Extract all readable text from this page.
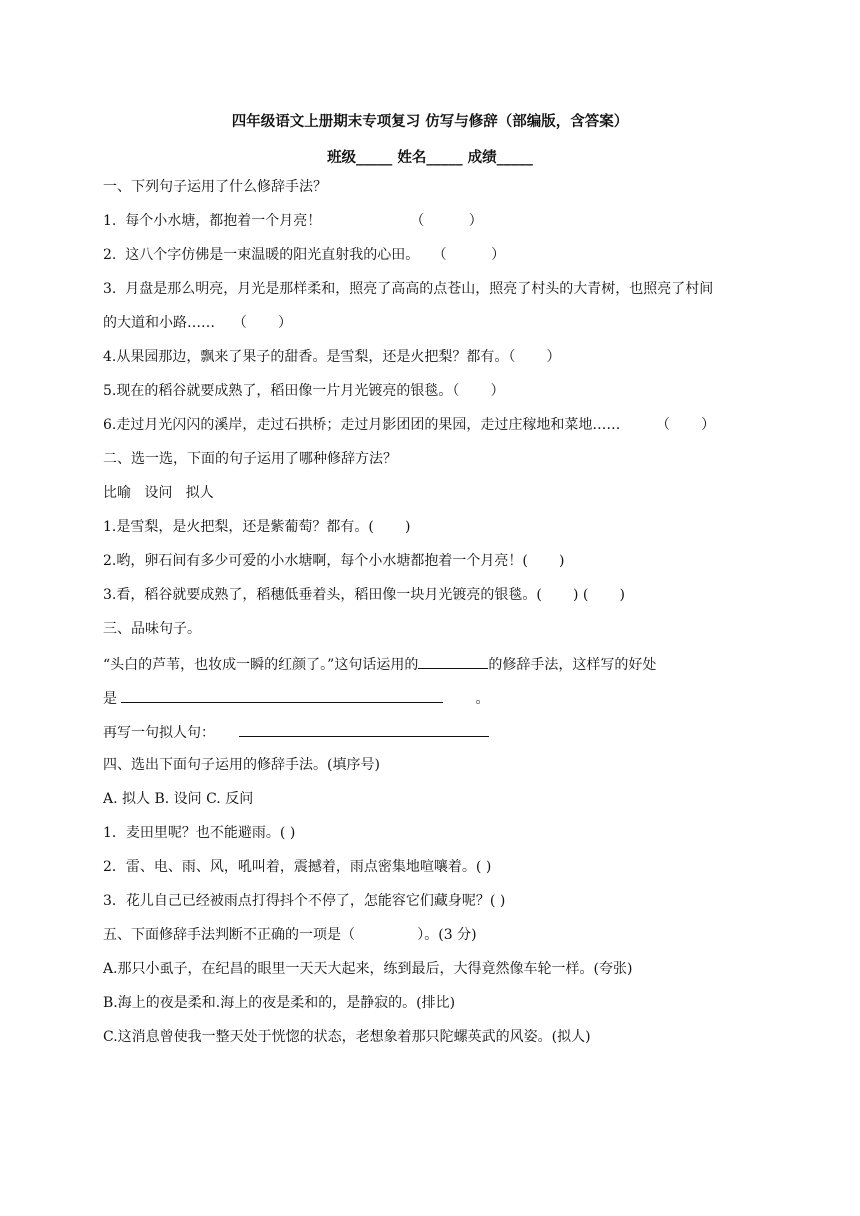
四年级语文上册期末专项复习 仿写与修辞（部编版，含答案）
班级_____ 姓名_____ 成绩_____
一、下列句子运用了什么修辞手法？
1.  每个小水塘，都抱着一个月亮！                    （          ）
2.  这八个字仿佛是一束温暖的阳光直射我的心田。   （          ）
3.  月盘是那么明亮，月光是那样柔和，照亮了高高的点苍山，照亮了村头的大青树，也照亮了村间
的大道和小路……    （       ）
4.从果园那边，飘来了果子的甜香。是雪梨，还是火把梨？都有。（       ）
5.现在的稻谷就要成熟了，稻田像一片月光镀亮的银毯。（       ）
6.走过月光闪闪的溪岸，走过石拱桥；走过月影团团的果园，走过庄稼地和菜地……        （       ）
二、选一选，下面的句子运用了哪种修辞方法？
比喻   设问   拟人
1.是雪梨，是火把梨，还是紫葡萄？都有。(       )
2.哟，卵石间有多少可爱的小水塘啊，每个小水塘都抱着一个月亮！(       )
3.看，稻谷就要成熟了，稻穗低垂着头，稻田像一块月光镀亮的银毯。(       ) (       )
三、品味句子。
“头白的芦苇，也妆成一瞬的红颜了。”这句话运用的	的修辞手法，这样写的好处
是	。
再写一句拟人句：
四、选出下面句子运用的修辞手法。(填序号)
A. 拟人 B. 设问 C. 反问
1．麦田里呢？也不能避雨。( )
2．雷、电、雨、风，吼叫着，震撼着，雨点密集地喧嚷着。( )
3．花儿自己已经被雨点打得抖个不停了，怎能容它们藏身呢？( )
五、下面修辞手法判断不正确的一项是（              ）。(3 分)
A.那只小虱子，在纪昌的眼里一天天大起来，练到最后，大得竟然像车轮一样。(夸张)
B.海上的夜是柔和.海上的夜是柔和的，是静寂的。(排比)
C.这消息曾使我一整天处于恍惚的状态，老想象着那只陀螺英武的风姿。(拟人)
